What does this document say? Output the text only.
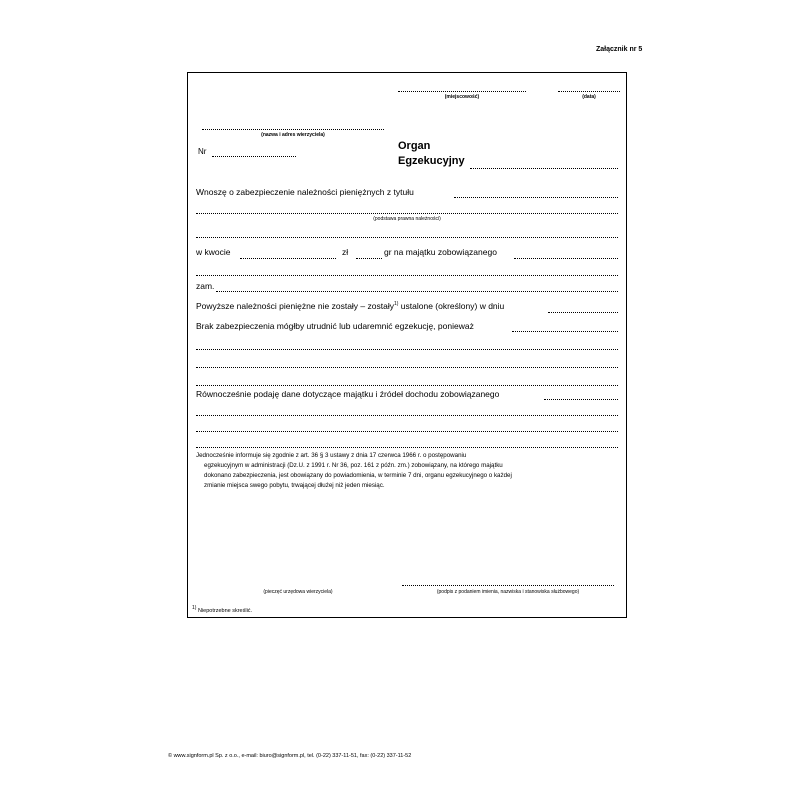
Załącznik nr 5
(miejscowość)	(data)
(nazwa i adres wierzyciela)
Nr	Organ
Egzekucyjny
Wnoszę o zabezpieczenie należności pieniężnych z tytułu
(podstawa prawna należności)
w kwocie	zł	gr na majątku zobowiązanego
zam.
Powyższe należności pieniężne nie zostały – zostały$^{1)}$ ustalone (określony) w dniu
Brak zabezpieczenia mógłby utrudnić lub udaremnić egzekucję, ponieważ
Równocześnie podaję dane dotyczące majątku i źródeł dochodu zobowiązanego
Jednocześnie informuje się zgodnie z art. 36 § 3 ustawy z dnia 17 czerwca 1966 r. o postępowaniu
egzekucyjnym w administracji (Dz.U. z 1991 r. Nr 36, poz. 161 z późn. zm.) zobowiązany, na którego majątku
dokonano zabezpieczenia, jest obowiązany do powiadomienia, w terminie 7 dni, organu egzekucyjnego o każdej
zmianie miejsca swego pobytu, trwającej dłużej niż jeden miesiąc.
(pieczęć urzędowa wierzyciela)	(podpis z podaniem imienia, nazwiska i stanowiska służbowego)
$^{1)}$ Niepotrzebne skreślić.
© www.signform.pl Sp. z o.o., e-mail: biuro@signform.pl, tel. (0-22) 337-11-51, fax: (0-22) 337-11-52
